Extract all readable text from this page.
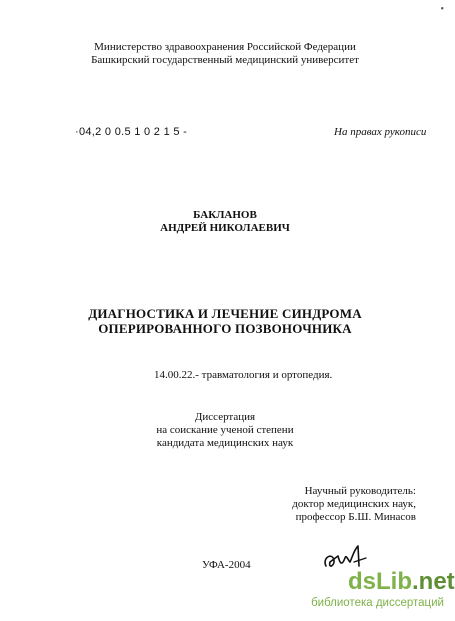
•
Министерство здравоохранения Российской Федерации
Башкирский государственный медицинский университет
·04,2 0 0.5 1 0 2 1 5 -	На правах рукописи
БАКЛАНОВ
АНДРЕЙ НИКОЛАЕВИЧ
ДИАГНОСТИКА И ЛЕЧЕНИЕ СИНДРОМА
ОПЕРИРОВАННОГО ПОЗВОНОЧНИКА
14.00.22.- травматология и ортопедия.
Диссертация
на соискание ученой степени
кандидата медицинских наук
Научный руководитель:
доктор медицинских наук,
профессор Б.Ш. Минасов
УФА-2004
dsLib.net
библиотека диссертаций
